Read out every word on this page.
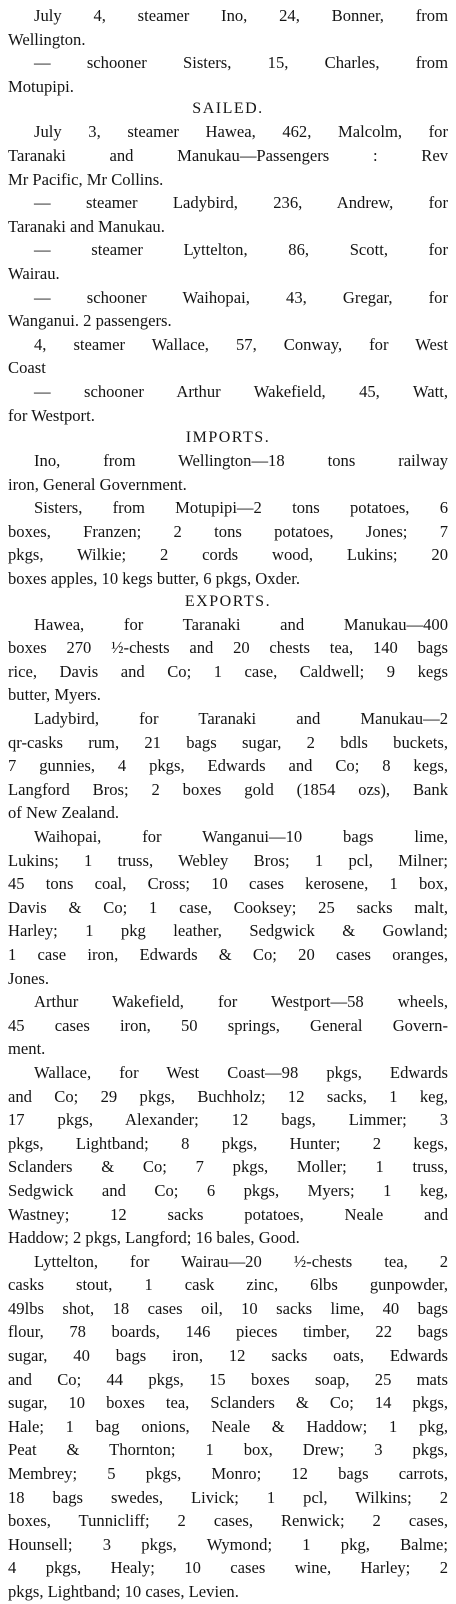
July 4, steamer Ino, 24, Bonner, from
Wellington.
— schooner Sisters, 15, Charles, from
Motupipi.
SAILED.
July 3, steamer Hawea, 462, Malcolm, for
Taranaki and Manukau—Passengers : Rev
Mr Pacific, Mr Collins.
— steamer Ladybird, 236, Andrew, for
Taranaki and Manukau.
— steamer Lyttelton, 86, Scott, for
Wairau.
— schooner Waihopai, 43, Gregar, for
Wanganui. 2 passengers.
4, steamer Wallace, 57, Conway, for West
Coast
— schooner Arthur Wakefield, 45, Watt,
for Westport.
IMPORTS.
Ino, from Wellington—18 tons railway
iron, General Government.
Sisters, from Motupipi—2 tons potatoes, 6
boxes, Franzen; 2 tons potatoes, Jones; 7
pkgs, Wilkie; 2 cords wood, Lukins; 20
boxes apples, 10 kegs butter, 6 pkgs, Oxder.
EXPORTS.
Hawea, for Taranaki and Manukau—400
boxes 270 ½-chests and 20 chests tea, 140 bags
rice, Davis and Co; 1 case, Caldwell; 9 kegs
butter, Myers.
Ladybird, for Taranaki and Manukau—2
qr-casks rum, 21 bags sugar, 2 bdls buckets,
7 gunnies, 4 pkgs, Edwards and Co; 8 kegs,
Langford Bros; 2 boxes gold (1854 ozs), Bank
of New Zealand.
Waihopai, for Wanganui—10 bags lime,
Lukins; 1 truss, Webley Bros; 1 pcl, Milner;
45 tons coal, Cross; 10 cases kerosene, 1 box,
Davis & Co; 1 case, Cooksey; 25 sacks malt,
Harley; 1 pkg leather, Sedgwick & Gowland;
1 case iron, Edwards & Co; 20 cases oranges,
Jones.
Arthur Wakefield, for Westport—58 wheels,
45 cases iron, 50 springs, General Govern-
ment.
Wallace, for West Coast—98 pkgs, Edwards
and Co; 29 pkgs, Buchholz; 12 sacks, 1 keg,
17 pkgs, Alexander; 12 bags, Limmer; 3
pkgs, Lightband; 8 pkgs, Hunter; 2 kegs,
Sclanders & Co; 7 pkgs, Moller; 1 truss,
Sedgwick and Co; 6 pkgs, Myers; 1 keg,
Wastney; 12 sacks potatoes, Neale and
Haddow; 2 pkgs, Langford; 16 bales, Good.
Lyttelton, for Wairau—20 ½-chests tea, 2
casks stout, 1 cask zinc, 6lbs gunpowder,
49lbs shot, 18 cases oil, 10 sacks lime, 40 bags
flour, 78 boards, 146 pieces timber, 22 bags
sugar, 40 bags iron, 12 sacks oats, Edwards
and Co; 44 pkgs, 15 boxes soap, 25 mats
sugar, 10 boxes tea, Sclanders & Co; 14 pkgs,
Hale; 1 bag onions, Neale & Haddow; 1 pkg,
Peat & Thornton; 1 box, Drew; 3 pkgs,
Membrey; 5 pkgs, Monro; 12 bags carrots,
18 bags swedes, Livick; 1 pcl, Wilkins; 2
boxes, Tunnicliff; 2 cases, Renwick; 2 cases,
Hounsell; 3 pkgs, Wymond; 1 pkg, Balme;
4 pkgs, Healy; 10 cases wine, Harley; 2
pkgs, Lightband; 10 cases, Levien.
